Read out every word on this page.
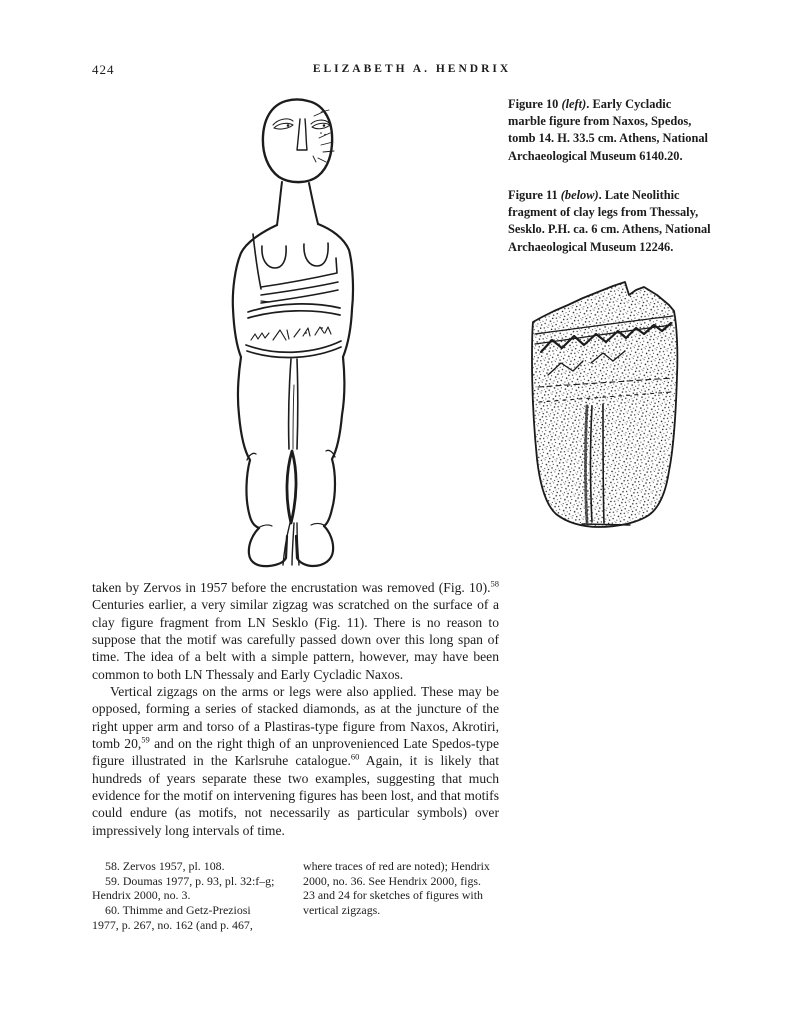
424	ELIZABETH A. HENDRIX
Figure 10 (left). Early Cycladic marble figure from Naxos, Spedos, tomb 14. H. 33.5 cm. Athens, National Archaeological Museum 6140.20.
Figure 11 (below). Late Neolithic fragment of clay legs from Thessaly, Sesklo. P.H. ca. 6 cm. Athens, National Archaeological Museum 12246.

taken by Zervos in 1957 before the encrustation was removed (Fig. 10).$^{58}$ Centuries earlier, a very similar zigzag was scratched on the surface of a clay figure fragment from LN Sesklo (Fig. 11). There is no reason to suppose that the motif was carefully passed down over this long span of time. The idea of a belt with a simple pattern, however, may have been common to both LN Thessaly and Early Cycladic Naxos.

Vertical zigzags on the arms or legs were also applied. These may be opposed, forming a series of stacked diamonds, as at the juncture of the right upper arm and torso of a Plastiras-type figure from Naxos, Akrotiri, tomb 20,59 and on the right thigh of an unprovenienced Late Spedos-type figure illustrated in the Karlsruhe catalogue.$^{60}$ Again, it is likely that hundreds of years separate these two examples, suggesting that much evidence for the motif on intervening figures has been lost, and that motifs could endure (as motifs, not necessarily as particular symbols) over impressively long intervals of time.

58. Zervos 1957, pl. 108.
59. Doumas 1977, p. 93, pl. 32:f–g;
Hendrix 2000, no. 3.
60. Thimme and Getz-Preziosi
1977, p. 267, no. 162 (and p. 467,
where traces of red are noted); Hendrix
2000, no. 36. See Hendrix 2000, figs.
23 and 24 for sketches of figures with
vertical zigzags.
